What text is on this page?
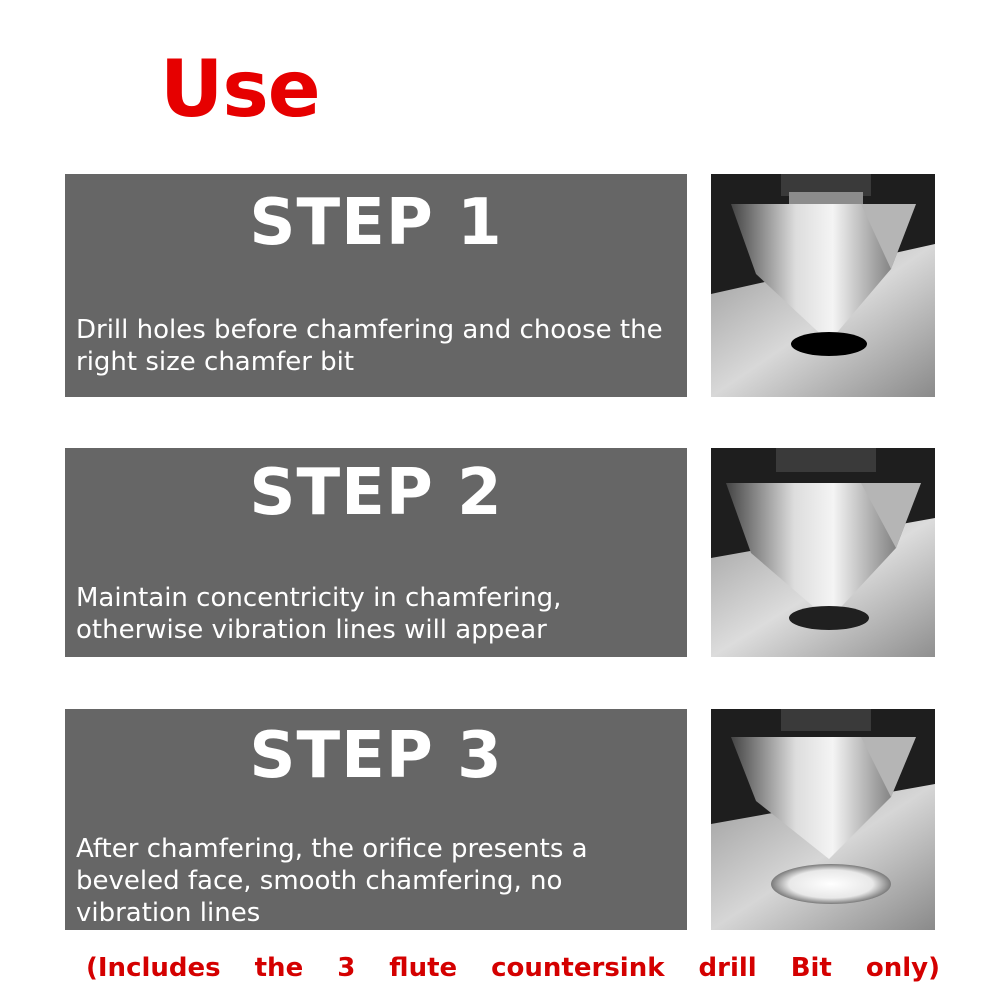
Use
STEP 1
Drill holes before chamfering and choose the right size chamfer bit
STEP 2
Maintain concentricity in chamfering, otherwise vibration lines will appear
STEP 3
After chamfering, the orifice presents a beveled face, smooth chamfering, no vibration lines
(Includes the 3 flute countersink drill Bit only)
